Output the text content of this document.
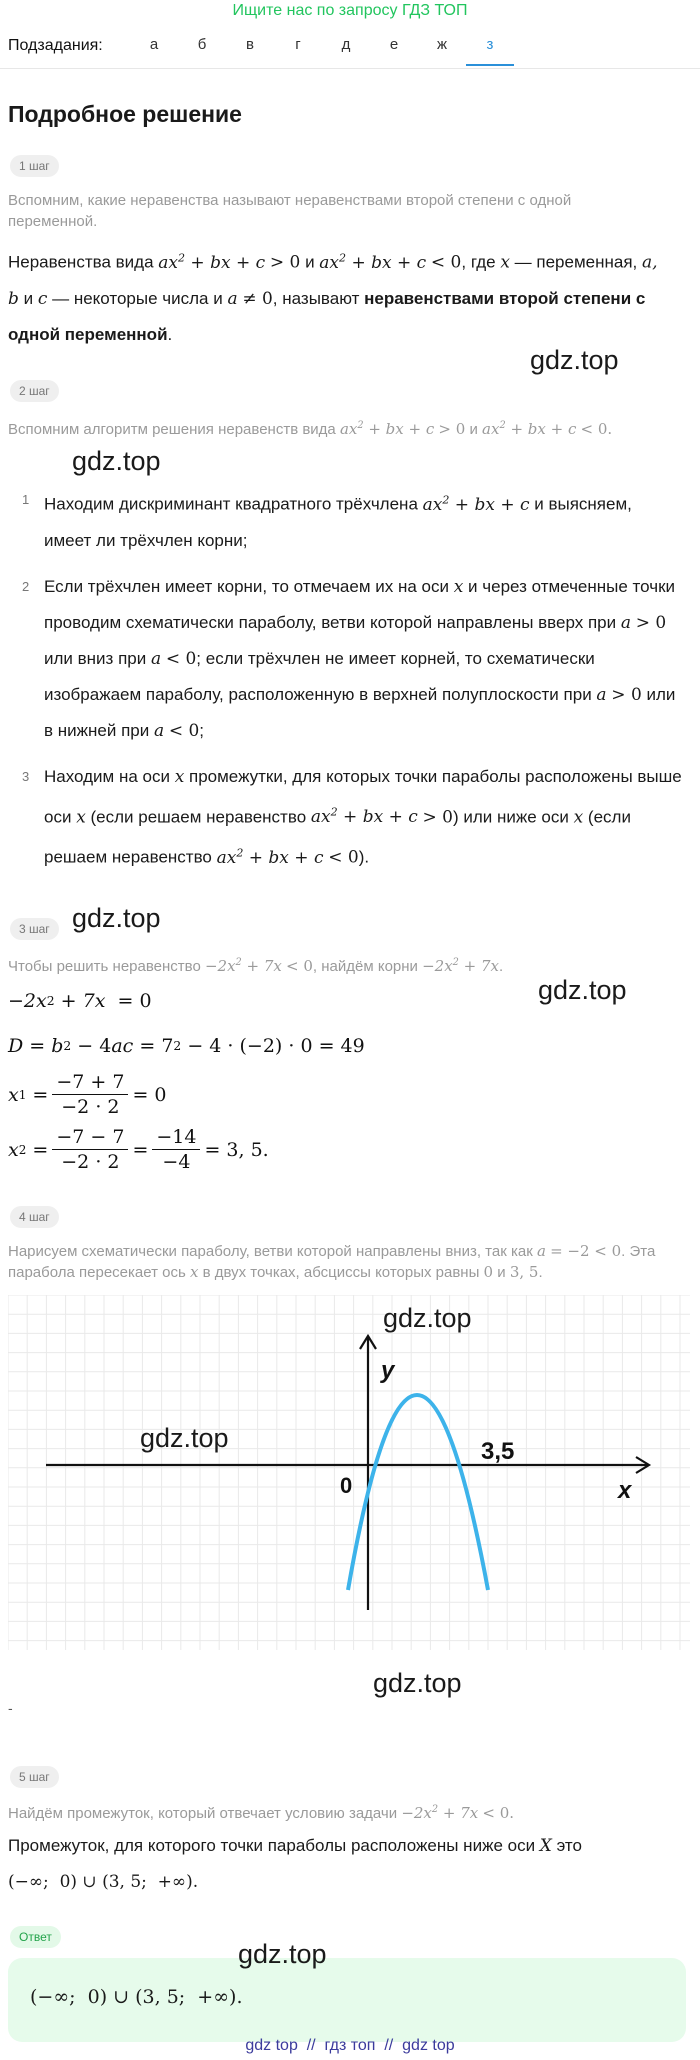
Ищите нас по запросу ГДЗ ТОП
Подзадания:	а	б	в	г	д	е	ж	з
Подробное решение
1 шаг
Вспомним, какие неравенства называют неравенствами второй степени с одной переменной.
Неравенства вида $ax^2$ + bx + c > 0 и $ax^2$ + bx + c < 0, где x — переменная, a, b и c — некоторые числа и a ≠ 0, называют неравенствами второй степени с одной переменной.
gdz.top
2 шаг
Вспомним алгоритм решения неравенств вида $ax^2$ + bx + c > 0 и $ax^2$ + bx + c < 0.
gdz.top
1 Находим дискриминант квадратного трёхчлена $ax^2$ + bx + c и выясняем, имеет ли трёхчлен корни;
2 Если трёхчлен имеет корни, то отмечаем их на оси x и через отмеченные точки проводим схематически параболу, ветви которой направлены вверх при a > 0 или вниз при a < 0; если трёхчлен не имеет корней, то схематически изображаем параболу, расположенную в верхней полуплоскости при a > 0 или в нижней при a < 0;
3 Находим на оси x промежутки, для которых точки параболы расположены выше оси x (если решаем неравенство $ax^2$ + bx + c > 0) или ниже оси x (если решаем неравенство $ax^2$ + bx + c < 0).
gdz.top
3 шаг
Чтобы решить неравенство $-2x^2 + 7x < 0$, найдём корни $-2x^2 + 7x$.
gdz.top
−2x 2
+ 7x = 0
D = b 2 − 4 ac = 7 2 − 4 · (−2) · 0 = 49
x $1 = \frac{-7 + 7}{-2 \cdot 2} = 0$
x $2 = \frac{-7 - 7}{-2 \cdot 2} = \frac{-14}{-4} = 3$, 5.
4 шаг
Нарисуем схематически параболу, ветви которой направлены вниз, так как a = −2 < 0. Эта парабола пересекает ось x в двух точках, абсциссы которых равны 0 и 3, 5.
y
x
0
3,5
gdz.top
gdz.top
gdz.top
-
5 шаг
Найдём промежуток, который отвечает условию задачи $-2x^2 + 7x < 0$.
Промежуток, для которого точки параболы расположены ниже оси X это
(−∞;  0) ∪ (3, 5;  +∞).
Ответ
gdz.top
(−∞;  0) ∪ (3, 5;  +∞).
gdz top // гдз топ // gdz top
